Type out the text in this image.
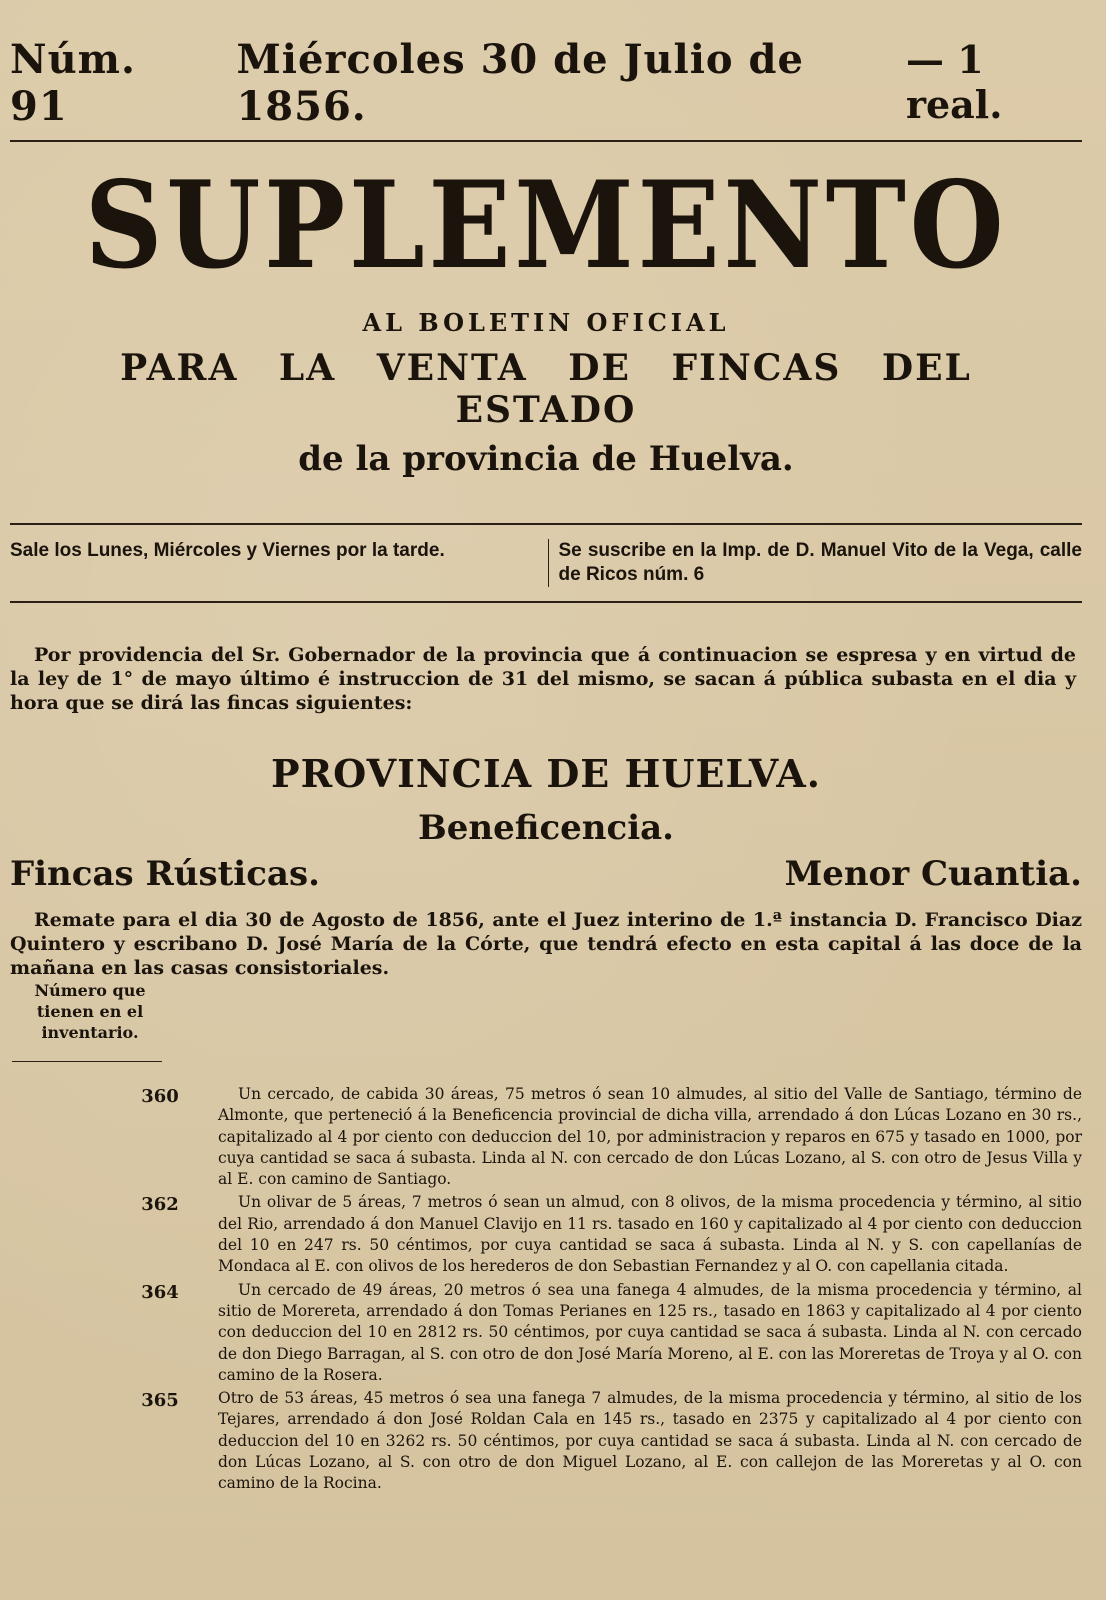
Núm. 91
Miércoles 30 de Julio de 1856.
— 1 real.
SUPLEMENTO
AL BOLETIN OFICIAL
PARA LA VENTA DE FINCAS DEL ESTADO
de la provincia de Huelva.
Sale los Lunes, Miércoles y Viernes por la tarde.	Se suscribe en la Imp. de D. Manuel Vito de la Vega, calle de Ricos núm. 6
Por providencia del Sr. Gobernador de la provincia que á continuacion se espresa y en virtud de la ley de 1° de mayo último é instruccion de 31 del mismo, se sacan á pública subasta en el dia y hora que se dirá las fincas siguientes:
PROVINCIA DE HUELVA.
Beneficencia.
Fincas Rústicas.	Menor Cuantia.
Remate para el dia 30 de Agosto de 1856, ante el Juez interino de 1.ª instancia D. Francisco Diaz Quintero y escribano D. José María de la Córte, que tendrá efecto en esta capital á las doce de la mañana en las casas consistoriales.
Número que tienen en el inventario.
360	Un cercado, de cabida 30 áreas, 75 metros ó sean 10 almudes, al sitio del Valle de Santiago, término de Almonte, que perteneció á la Beneficencia provincial de dicha villa, arrendado á don Lúcas Lozano en 30 rs., capitalizado al 4 por ciento con deduccion del 10, por administracion y reparos en 675 y tasado en 1000, por cuya cantidad se saca á subasta. Linda al N. con cercado de don Lúcas Lozano, al S. con otro de Jesus Villa y al E. con camino de Santiago.
362	Un olivar de 5 áreas, 7 metros ó sean un almud, con 8 olivos, de la misma procedencia y término, al sitio del Rio, arrendado á don Manuel Clavijo en 11 rs. tasado en 160 y capitalizado al 4 por ciento con deduccion del 10 en 247 rs. 50 céntimos, por cuya cantidad se saca á subasta. Linda al N. y S. con capellanías de Mondaca al E. con olivos de los herederos de don Sebastian Fernandez y al O. con capellania citada.
364	Un cercado de 49 áreas, 20 metros ó sea una fanega 4 almudes, de la misma procedencia y término, al sitio de Morereta, arrendado á don Tomas Perianes en 125 rs., tasado en 1863 y capitalizado al 4 por ciento con deduccion del 10 en 2812 rs. 50 céntimos, por cuya cantidad se saca á subasta. Linda al N. con cercado de don Diego Barragan, al S. con otro de don José María Moreno, al E. con las Moreretas de Troya y al O. con camino de la Rosera.
365	Otro de 53 áreas, 45 metros ó sea una fanega 7 almudes, de la misma procedencia y término, al sitio de los Tejares, arrendado á don José Roldan Cala en 145 rs., tasado en 2375 y capitalizado al 4 por ciento con deduccion del 10 en 3262 rs. 50 céntimos, por cuya cantidad se saca á subasta. Linda al N. con cercado de don Lúcas Lozano, al S. con otro de don Miguel Lozano, al E. con callejon de las Moreretas y al O. con camino de la Rocina.
